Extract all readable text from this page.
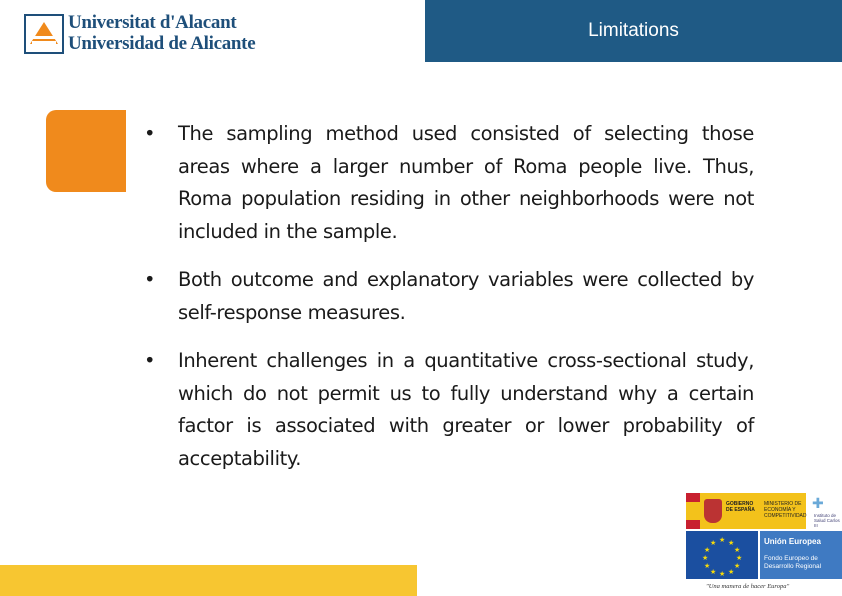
Universitat d'Alacant
Universidad de Alicante
Limitations
• The sampling method used consisted of selecting those areas where a larger number of Roma people live. Thus, Roma population residing in other neighborhoods were not included in the sample.
• Both outcome and explanatory variables were collected by self-response measures.
• Inherent challenges in a quantitative cross-sectional study, which do not permit us to fully understand why a certain factor is associated with greater or lower probability of acceptability.
GOBIERNO DE ESPAÑA
MINISTERIO DE ECONOMÍA Y COMPETITIVIDAD
✚
Instituto de Salud Carlos III
★ ★
★
★
★
★
★
★
★
★
★
★	Unión Europea
Fondo Europeo de Desarrollo Regional
"Una manera de hacer Europa"
